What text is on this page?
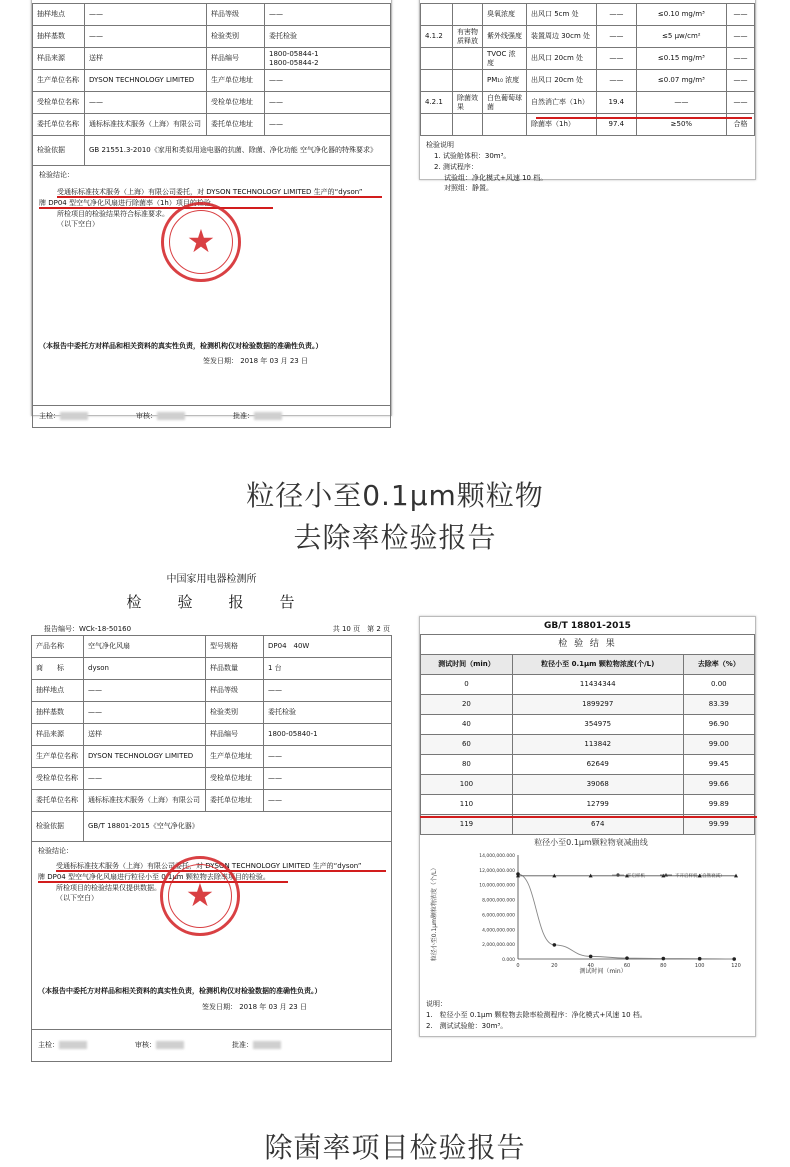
抽样地点	——	样品等级	——
抽样基数	——	检验类别	委托检验
样品来源	送样	样品编号	1800-05844-1
1800-05844-2
生产单位名称	DYSON TECHNOLOGY LIMITED	生产单位地址	——
受检单位名称	——	受检单位地址	——
委托单位名称	通标标准技术服务（上海）有限公司	委托单位地址	——
检验依据	GB 21551.3-2010《家用和类似用途电器的抗菌、除菌、净化功能 空气净化器的特殊要求》		
检验结论：
受通标标准技术服务（上海）有限公司委托，对 DYSON TECHNOLOGY LIMITED 生产的“dyson”
牌 DP04 型空气净化风扇进行除菌率（1h）项目的检验。
所检项目的检验结果符合标准要求。
（以下空白）	★
（本报告中委托方对样品和相关资料的真实性负责，检测机构仅对检验数据的准确性负责。）
签发日期： 2018 年 03 月 23 日
主检：	审核：	批准：
		臭氧浓度	出风口 5cm 处	——	≤0.10 mg/m³	——
4.1.2	有害物质释放	紫外线强度	装置周边 30cm 处	——	≤5 μw/cm²	——
		TVOC 浓度	出风口 20cm 处	——	≤0.15 mg/m³	——
		PM₁₀ 浓度	出风口 20cm 处	——	≤0.07 mg/m³	——
4.2.1	除菌效果	白色葡萄球菌	自然消亡率（1h）	19.4	——	——
			除菌率（1h）	97.4	≥50%	合格
检验说明
1. 试验舱体积：30m³。
2. 测试程序：
试验组：净化模式+风速 10 档。
对照组：静置。
粒径小至0.1μm颗粒物
去除率检验报告
中国家用电器检测所
检　　验　　报　　告
报告编号：WCk-18-50160	共 10 页　第 2 页
产品名称	空气净化风扇	型号规格	DP04　40W
商　　标	dyson	样品数量	1 台
抽样地点	——	样品等级	——
抽样基数	——	检验类别	委托检验
样品来源	送样	样品编号	1800-05840-1
生产单位名称	DYSON TECHNOLOGY LIMITED	生产单位地址	——
受检单位名称	——	受检单位地址	——
委托单位名称	通标标准技术服务（上海）有限公司	委托单位地址	——
检验依据	GB/T 18801-2015《空气净化器》		
检验结论：
受通标标准技术服务（上海）有限公司委托，对 DYSON TECHNOLOGY LIMITED 生产的“dyson”
牌 DP04 型空气净化风扇进行粒径小至 0.1μm 颗粒物去除率项目的检验。
所检项目的检验结果仅提供数据。
（以下空白）	★
（本报告中委托方对样品和相关资料的真实性负责，检测机构仅对检验数据的准确性负责。）
签发日期： 2018 年 03 月 23 日
主检：	审核：	批准：
GB/T 18801-2015
检 验 结 果		
测试时间（min）	粒径小至 0.1μm 颗粒物浓度(个/L)	去除率（%）
0	11434344	0.00
20	1899297	83.39
40	354975	96.90
60	113842	99.00
80	62649	99.45
100	39068	99.66
110	12799	99.89
119	674	99.99
粒径小至0.1μm颗粒物衰减曲线
测试时间（min）
粒径小至0.1μm颗粒物浓度（个/L）	0.000
2,000,000.000
4,000,000.000
6,000,000.000
8,000,000.000
10,000,000.000
12,000,000.000
14,000,000.000
0	20	40	60	80	100	120
开启样机	不开启样机（自然衰减）
说明：
1.　粒径小至 0.1μm 颗粒物去除率检测程序：净化模式+风速 10 档。
2.　测试试验舱：30m³。
除菌率项目检验报告
